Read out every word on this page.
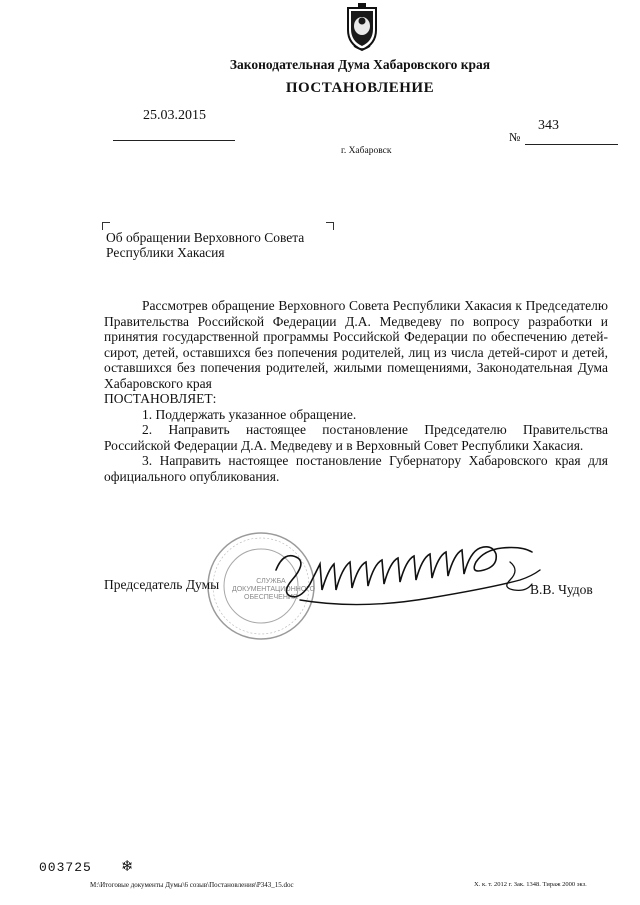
Законодательная Дума Хабаровского края
ПОСТАНОВЛЕНИЕ
25.03.2015
343
№
г. Хабаровск
Об обращении Верховного Совета
Республики Хакасия

Рассмотрев обращение Верховного Совета Республики Хакасия к Председателю Правительства Российской Федерации Д.А. Медведеву по вопросу разработки и принятия государственной программы Российской Федерации по обеспечению детей-сирот, детей, оставшихся без попечения родителей, лиц из числа детей-сирот и детей, оставшихся без попечения родителей, жилыми помещениями, Законодательная Дума Хабаровского края

ПОСТАНОВЛЯЕТ:

1. Поддержать указанное обращение.

2. Направить настоящее постановление Председателю Правительства Российской Федерации Д.А. Медведеву и в Верховный Совет Республики Хакасия.

3. Направить настоящее постановление Губернатору Хабаровского края для официального опубликования.

СЛУЖБА ДОКУМЕНТАЦИОННОГО ОБЕСПЕЧЕНИЯ
Председатель Думы	В.В. Чудов
003725 ❄
M:\Итоговые документы Думы\6 созыв\Постановления\P343_15.doc	Х. к. т. 2012 г. Зак. 1348. Тираж 2000 экз.
